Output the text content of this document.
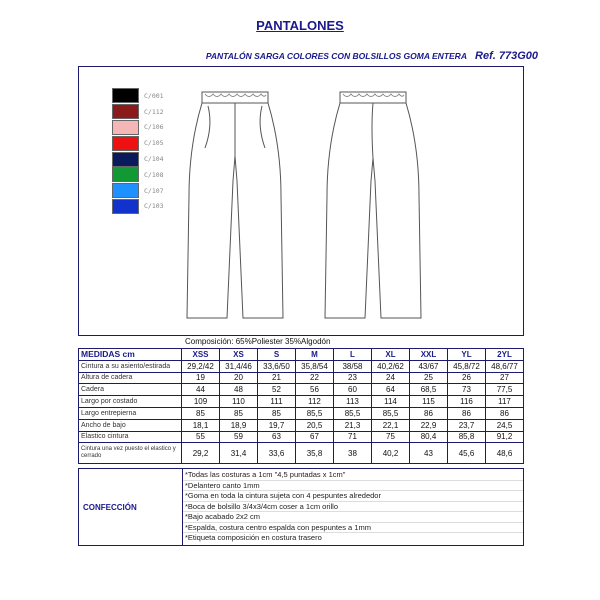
PANTALONES
PANTALÓN SARGA COLORES CON BOLSILLOS GOMA ENTERA Ref. 773G00
C/001
C/112
C/106
C/105
C/104
C/108
C/107
C/103
Composición: 65%Poliester 35%Algodón
MEDIDAS cm	XSS	XS	S	M	L	XL	XXL	YL	2YL
Cintura a su asiento/estirada	29,2/42	31,4/46	33,6/50	35,8/54	38/58	40,2/62	43/67	45,8/72	48,6/77
Altura de cadera	19	20	21	22	23	24	25	26	27
Cadera	44	48	52	56	60	64	68,5	73	77,5
Largo por costado	109	110	111	112	113	114	115	116	117
Largo entrepierna	85	85	85	85,5	85,5	85,5	86	86	86
Ancho de bajo	18,1	18,9	19,7	20,5	21,3	22,1	22,9	23,7	24,5
Elastico cintura	55	59	63	67	71	75	80,4	85,8	91,2
Cintura una vez puesto el elastico y cerrado	29,2	31,4	33,6	35,8	38	40,2	43	45,6	48,6
CONFECCIÓN
*Todas las costuras a 1cm "4,5 puntadas x 1cm"
*Delantero canto 1mm
*Goma en toda la cintura sujeta con 4 pespuntes alrededor
*Boca de bolsillo 3/4x3/4cm coser a 1cm orillo
*Bajo acabado 2x2 cm
*Espalda, costura centro espalda con pespuntes a 1mm
*Etiqueta composición en costura trasero
